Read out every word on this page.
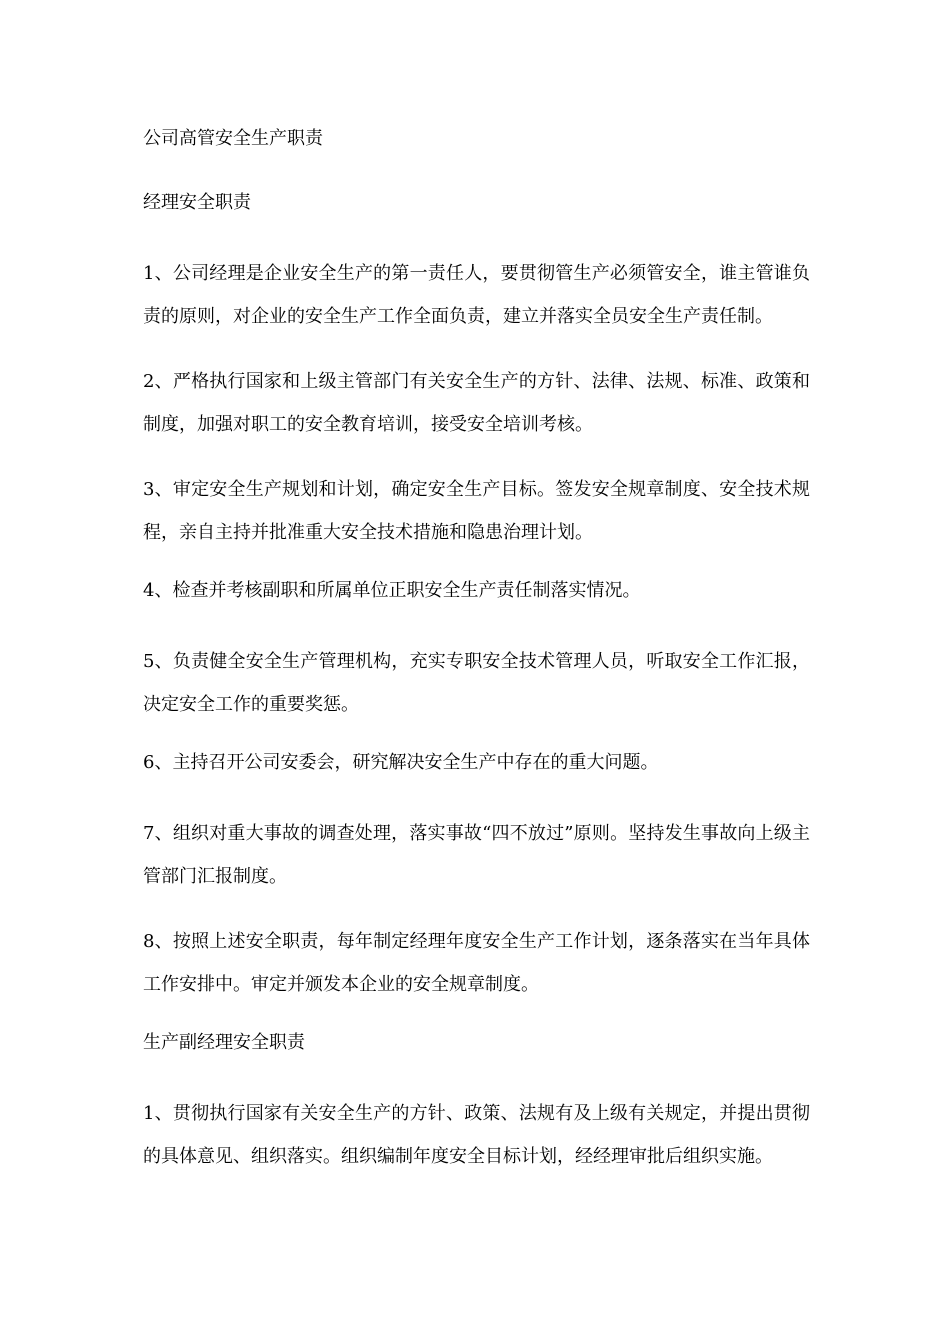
公司高管安全生产职责
经理安全职责

1、公司经理是企业安全生产的第一责任人，要贯彻管生产必须管安全，谁主管谁负责的原则，对企业的安全生产工作全面负责，建立并落实全员安全生产责任制。

2、严格执行国家和上级主管部门有关安全生产的方针、法律、法规、标准、政策和制度，加强对职工的安全教育培训，接受安全培训考核。

3、审定安全生产规划和计划，确定安全生产目标。签发安全规章制度、安全技术规程，亲自主持并批准重大安全技术措施和隐患治理计划。

4、检查并考核副职和所属单位正职安全生产责任制落实情况。

5、负责健全安全生产管理机构，充实专职安全技术管理人员，听取安全工作汇报，决定安全工作的重要奖惩。

6、主持召开公司安委会，研究解决安全生产中存在的重大问题。

7、组织对重大事故的调查处理，落实事故“四不放过”原则。坚持发生事故向上级主管部门汇报制度。

8、按照上述安全职责，每年制定经理年度安全生产工作计划，逐条落实在当年具体工作安排中。审定并颁发本企业的安全规章制度。

生产副经理安全职责

1、贯彻执行国家有关安全生产的方针、政策、法规有及上级有关规定，并提出贯彻的具体意见、组织落实。组织编制年度安全目标计划，经经理审批后组织实施。
